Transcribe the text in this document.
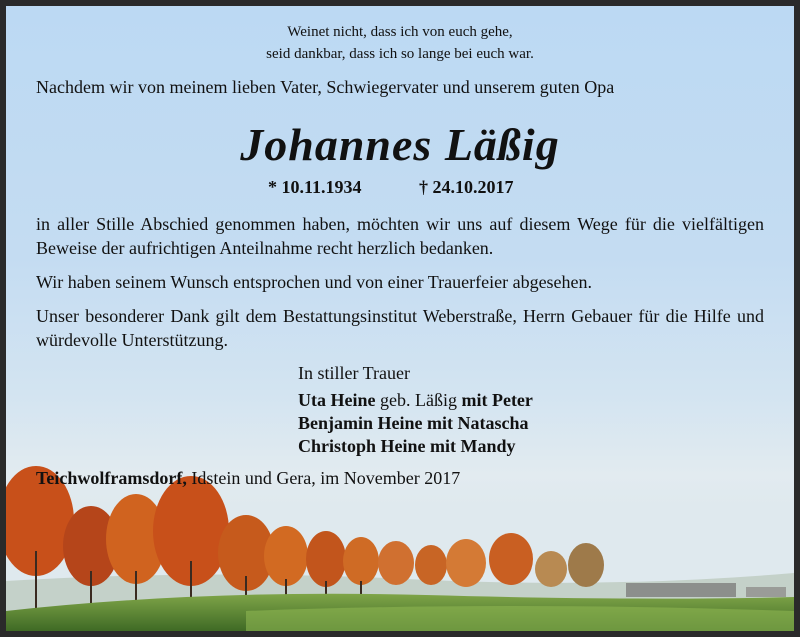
Weinet nicht, dass ich von euch gehe,

seid dankbar, dass ich so lange bei euch war.

Nachdem wir von meinem lieben Vater, Schwiegervater und unserem guten Opa

Johannes Läßig

* 10.11.1934	† 24.10.2017

in aller Stille Abschied genommen haben, möchten wir uns auf diesem Wege für die vielfältigen Beweise der aufrichtigen Anteilnahme recht herzlich bedanken.

Wir haben seinem Wunsch entsprochen und von einer Trauerfeier abgesehen.

Unser besonderer Dank gilt dem Bestattungsinstitut Weberstraße, Herrn Gebauer für die Hilfe und würdevolle Unterstützung.

In stiller Trauer

Uta Heine geb. Läßig mit Peter

Benjamin Heine mit Natascha

Christoph Heine mit Mandy

Teichwolframsdorf, Idstein und Gera, im November 2017
